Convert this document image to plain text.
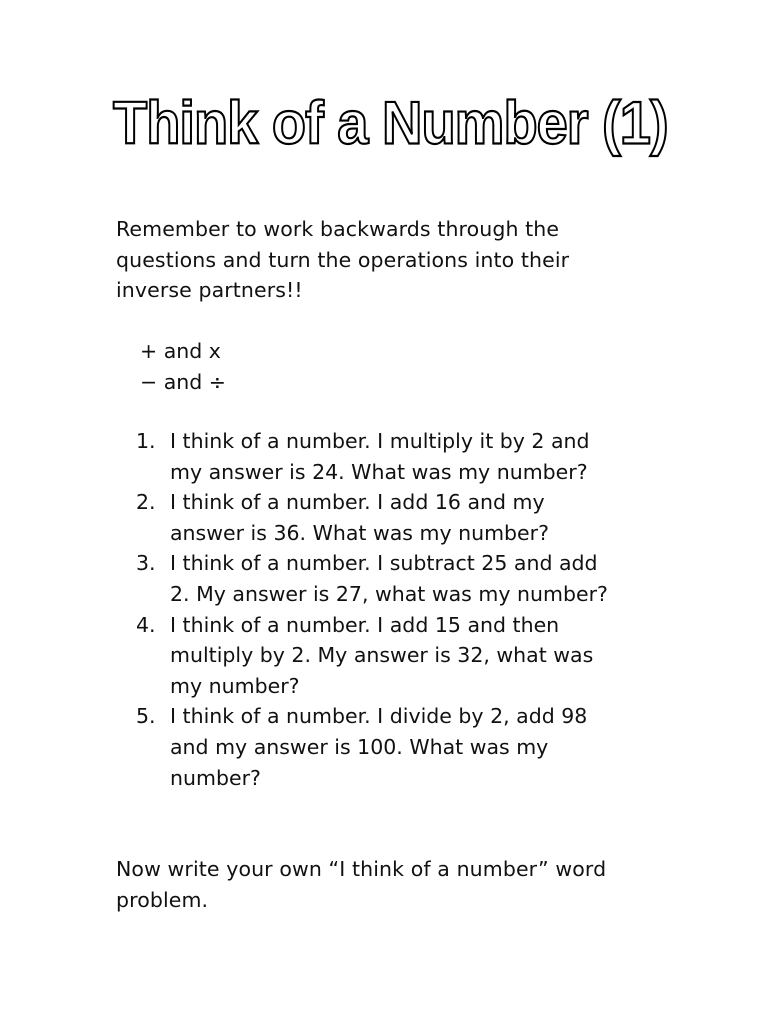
Think of a Number (1)
Remember to work backwards through the
questions and turn the operations into their
inverse partners!!
+ and x
− and ÷
1. I think of a number. I multiply it by 2 and
my answer is 24. What was my number?
2. I think of a number. I add 16 and my
answer is 36. What was my number?
3. I think of a number. I subtract 25 and add
2. My answer is 27, what was my number?
4. I think of a number. I add 15 and then
multiply by 2. My answer is 32, what was
my number?
5. I think of a number. I divide by 2, add 98
and my answer is 100. What was my
number?
Now write your own “I think of a number” word
problem.
